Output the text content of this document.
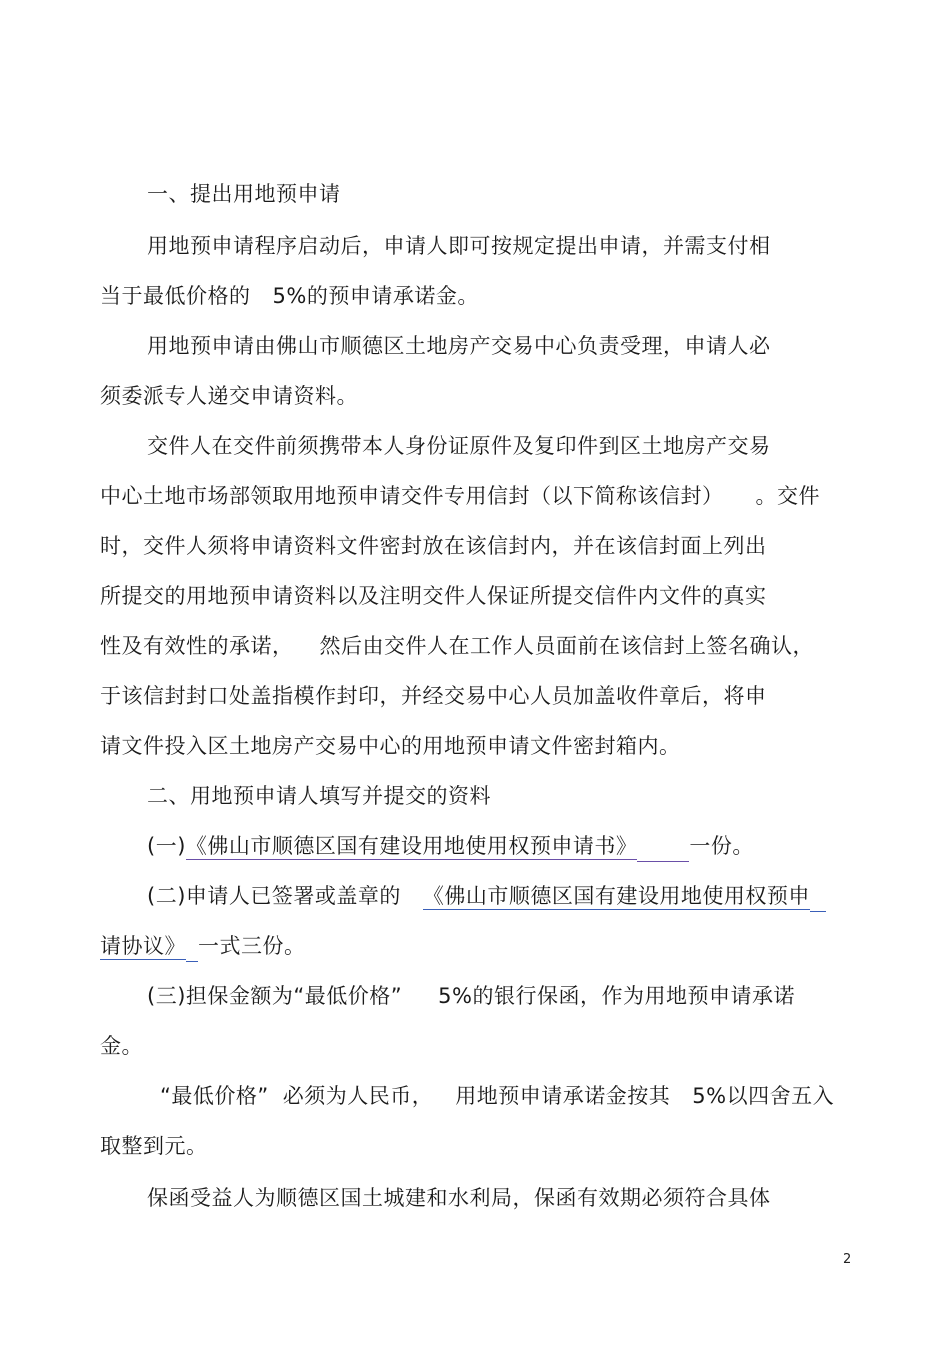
一、提出用地预申请
用地预申请程序启动后，申请人即可按规定提出申请，并需支付相
当于最低价格的 5%的预申请承诺金。
用地预申请由佛山市顺德区土地房产交易中心负责受理，申请人必
须委派专人递交申请资料。
交件人在交件前须携带本人身份证原件及复印件到区土地房产交易
中心土地市场部领取用地预申请交件专用信封（以下简称该信封） 。交件
时，交件人须将申请资料文件密封放在该信封内，并在该信封面上列出
所提交的用地预申请资料以及注明交件人保证所提交信件内文件的真实
性及有效性的承诺， 然后由交件人在工作人员面前在该信封上签名确认，
于该信封封口处盖指模作封印，并经交易中心人员加盖收件章后，将申
请文件投入区土地房产交易中心的用地预申请文件密封箱内。
二、用地预申请人填写并提交的资料
(一)《佛山市顺德区国有建设用地使用权预申请书》 一份。
(二)申请人已签署或盖章的 《佛山市顺德区国有建设用地使用权预申
请协议》 一式三份。
(三)担保金额为“最低价格” 5%的银行保函，作为用地预申请承诺
金。
“最低价格” 必须为人民币， 用地预申请承诺金按其 5%以四舍五入
取整到元。
保函受益人为顺德区国土城建和水利局，保函有效期必须符合具体
2
